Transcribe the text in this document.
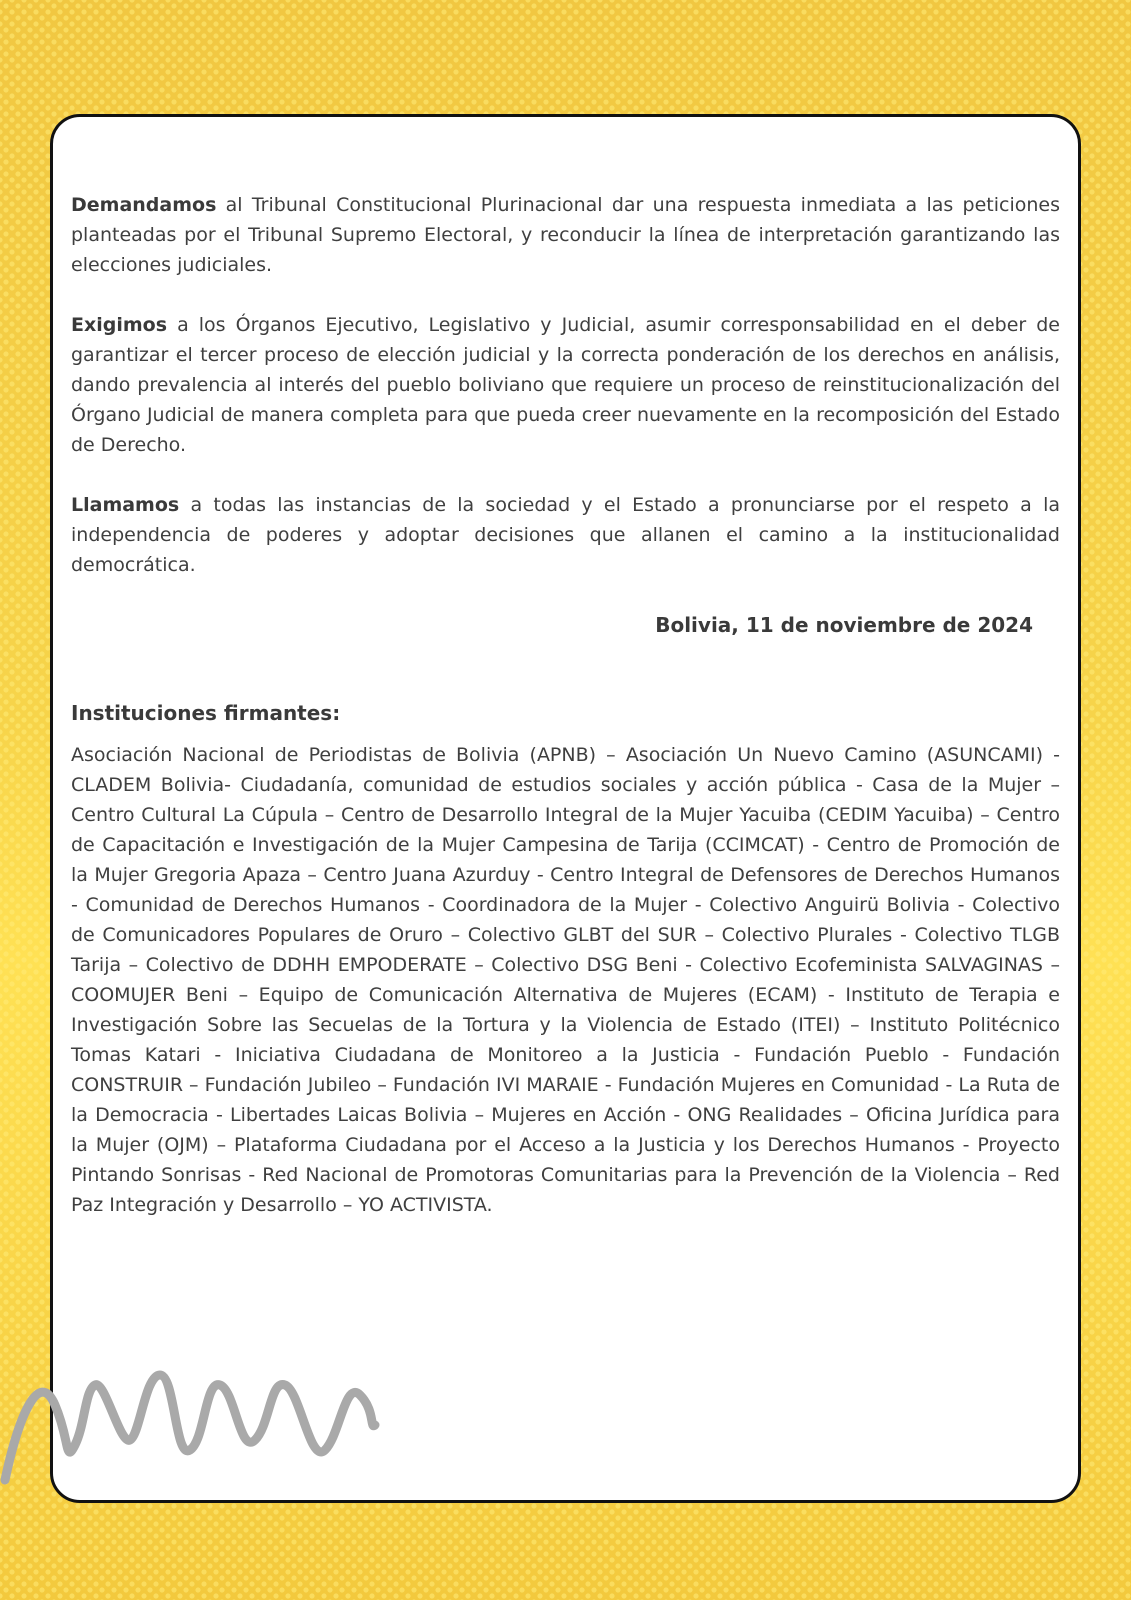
Demandamos al Tribunal Constitucional Plurinacional dar una respuesta inmediata a las peticiones planteadas por el Tribunal Supremo Electoral, y reconducir la línea de interpretación garantizando las elecciones judiciales.

Exigimos a los Órganos Ejecutivo, Legislativo y Judicial, asumir corresponsabilidad en el deber de garantizar el tercer proceso de elección judicial y la correcta ponderación de los derechos en análisis, dando prevalencia al interés del pueblo boliviano que requiere un proceso de reinstitucionalización del Órgano Judicial de manera completa para que pueda creer nuevamente en la recomposición del Estado de Derecho.

Llamamos a todas las instancias de la sociedad y el Estado a pronunciarse por el respeto a la independencia de poderes y adoptar decisiones que allanen el camino a la institucionalidad democrática.

Bolivia, 11 de noviembre de 2024

Instituciones firmantes:

Asociación Nacional de Periodistas de Bolivia (APNB) – Asociación Un Nuevo Camino (ASUNCAMI) - CLADEM Bolivia- Ciudadanía, comunidad de estudios sociales y acción pública - Casa de la Mujer – Centro Cultural La Cúpula – Centro de Desarrollo Integral de la Mujer Yacuiba (CEDIM Yacuiba) – Centro de Capacitación e Investigación de la Mujer Campesina de Tarija (CCIMCAT) - Centro de Promoción de la Mujer Gregoria Apaza – Centro Juana Azurduy - Centro Integral de Defensores de Derechos Humanos - Comunidad de Derechos Humanos - Coordinadora de la Mujer - Colectivo Anguirü Bolivia - Colectivo de Comunicadores Populares de Oruro – Colectivo GLBT del SUR – Colectivo Plurales - Colectivo TLGB Tarija – Colectivo de DDHH EMPODERATE – Colectivo DSG Beni - Colectivo Ecofeminista SALVAGINAS – COOMUJER Beni – Equipo de Comunicación Alternativa de Mujeres (ECAM) - Instituto de Terapia e Investigación Sobre las Secuelas de la Tortura y la Violencia de Estado (ITEI) – Instituto Politécnico Tomas Katari - Iniciativa Ciudadana de Monitoreo a la Justicia - Fundación Pueblo - Fundación CONSTRUIR – Fundación Jubileo – Fundación IVI MARAIE - Fundación Mujeres en Comunidad - La Ruta de la Democracia - Libertades Laicas Bolivia – Mujeres en Acción - ONG Realidades – Oficina Jurídica para la Mujer (OJM) – Plataforma Ciudadana por el Acceso a la Justicia y los Derechos Humanos - Proyecto Pintando Sonrisas - Red Nacional de Promotoras Comunitarias para la Prevención de la Violencia – Red Paz Integración y Desarrollo – YO ACTIVISTA.
